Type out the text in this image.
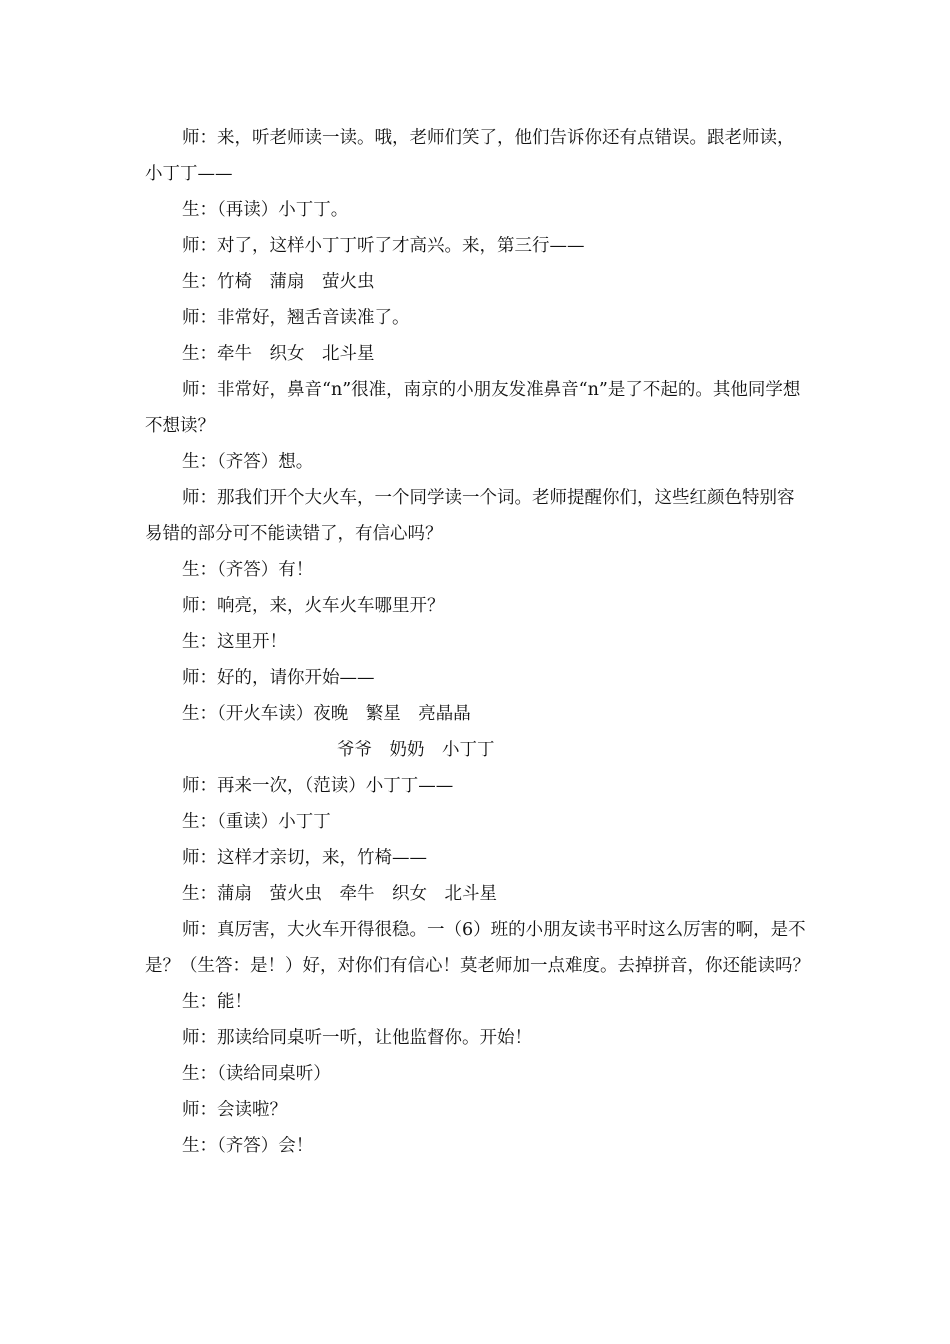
师：来，听老师读一读。哦，老师们笑了，他们告诉你还有点错误。跟老师读，小丁丁——

生：（再读）小丁丁。

师：对了，这样小丁丁听了才高兴。来，第三行——

生：竹椅　蒲扇　萤火虫

师：非常好，翘舌音读准了。

生：牵牛　织女　北斗星

师：非常好，鼻音“n”很准，南京的小朋友发准鼻音“n”是了不起的。其他同学想不想读？

生：（齐答）想。

师：那我们开个大火车，一个同学读一个词。老师提醒你们，这些红颜色特别容易错的部分可不能读错了，有信心吗？

生：（齐答）有！

师：响亮，来，火车火车哪里开？

生：这里开！

师：好的，请你开始——

生：（开火车读）夜晚　繁星　亮晶晶

爷爷　奶奶　小丁丁

师：再来一次，（范读）小丁丁——

生：（重读）小丁丁

师：这样才亲切，来，竹椅——

生：蒲扇　萤火虫　牵牛　织女　北斗星

师：真厉害，大火车开得很稳。一（6）班的小朋友读书平时这么厉害的啊，是不是？（生答：是！）好，对你们有信心！莫老师加一点难度。去掉拼音，你还能读吗？

生：能！

师：那读给同桌听一听，让他监督你。开始！

生：（读给同桌听）

师：会读啦？

生：（齐答）会！
